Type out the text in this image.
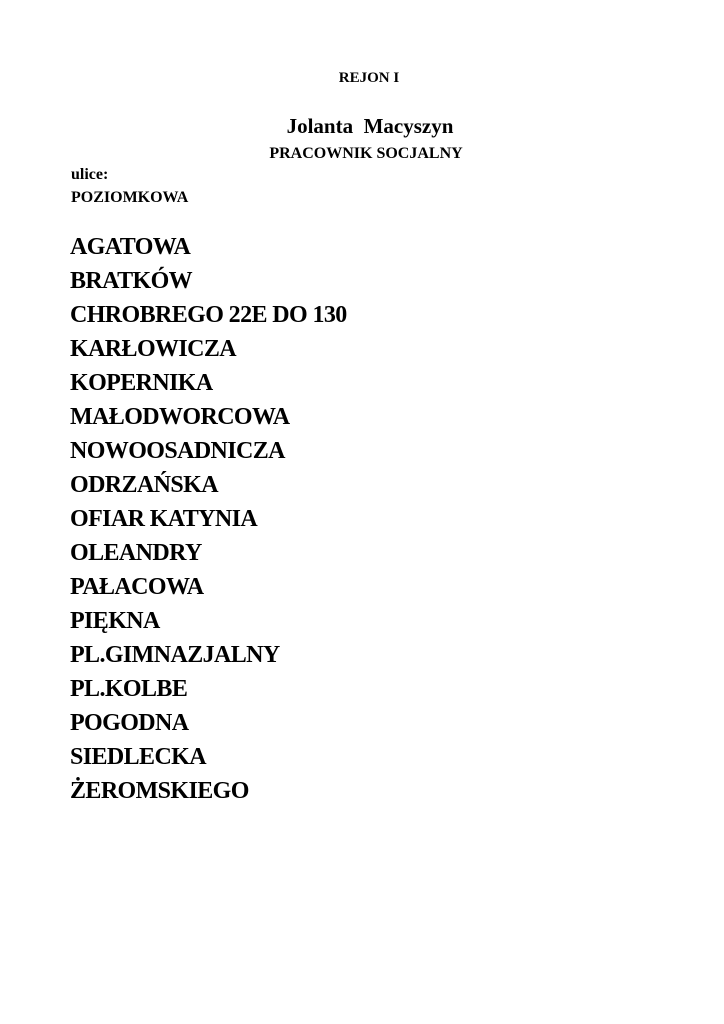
REJON I
Jolanta  Macyszyn
PRACOWNIK SOCJALNY
ulice:
POZIOMKOWA
AGATOWA
BRATKÓW
CHROBREGO 22E DO 130
KARŁOWICZA
KOPERNIKA
MAŁODWORCOWA
NOWOOSADNICZA
ODRZAŃSKA
OFIAR KATYNIA
OLEANDRY
PAŁACOWA
PIĘKNA
PL.GIMNAZJALNY
PL.KOLBE
POGODNA
SIEDLECKA
ŻEROMSKIEGO
